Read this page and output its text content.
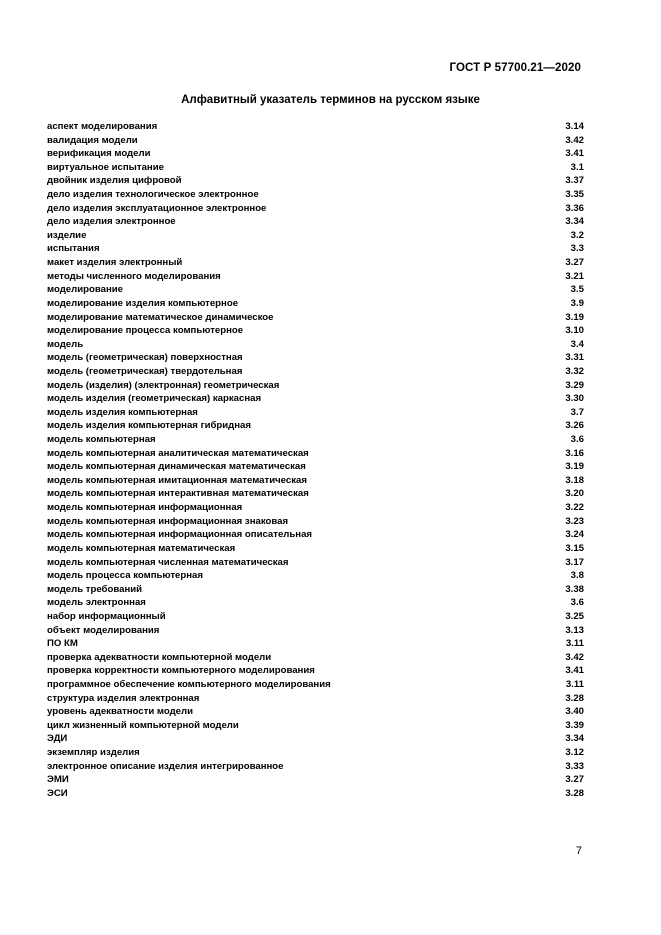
ГОСТ Р 57700.21—2020
Алфавитный указатель терминов на русском языке
аспект моделирования	3.14
валидация модели	3.42
верификация модели	3.41
виртуальное испытание	3.1
двойник изделия цифровой	3.37
дело изделия технологическое электронное	3.35
дело изделия эксплуатационное электронное	3.36
дело изделия электронное	3.34
изделие	3.2
испытания	3.3
макет изделия электронный	3.27
методы численного моделирования	3.21
моделирование	3.5
моделирование изделия компьютерное	3.9
моделирование математическое динамическое	3.19
моделирование процесса компьютерное	3.10
модель	3.4
модель (геометрическая) поверхностная	3.31
модель (геометрическая) твердотельная	3.32
модель (изделия) (электронная) геометрическая	3.29
модель изделия (геометрическая) каркасная	3.30
модель изделия компьютерная	3.7
модель изделия компьютерная гибридная	3.26
модель компьютерная	3.6
модель компьютерная аналитическая математическая	3.16
модель компьютерная динамическая математическая	3.19
модель компьютерная имитационная математическая	3.18
модель компьютерная интерактивная математическая	3.20
модель компьютерная информационная	3.22
модель компьютерная информационная знаковая	3.23
модель компьютерная информационная описательная	3.24
модель компьютерная математическая	3.15
модель компьютерная численная математическая	3.17
модель процесса компьютерная	3.8
модель требований	3.38
модель электронная	3.6
набор информационный	3.25
объект моделирования	3.13
ПО КМ	3.11
проверка адекватности компьютерной модели	3.42
проверка корректности компьютерного моделирования	3.41
программное обеспечение компьютерного моделирования	3.11
структура изделия электронная	3.28
уровень адекватности модели	3.40
цикл жизненный компьютерной модели	3.39
ЭДИ	3.34
экземпляр изделия	3.12
электронное описание изделия интегрированное	3.33
ЭМИ	3.27
ЭСИ	3.28
7
